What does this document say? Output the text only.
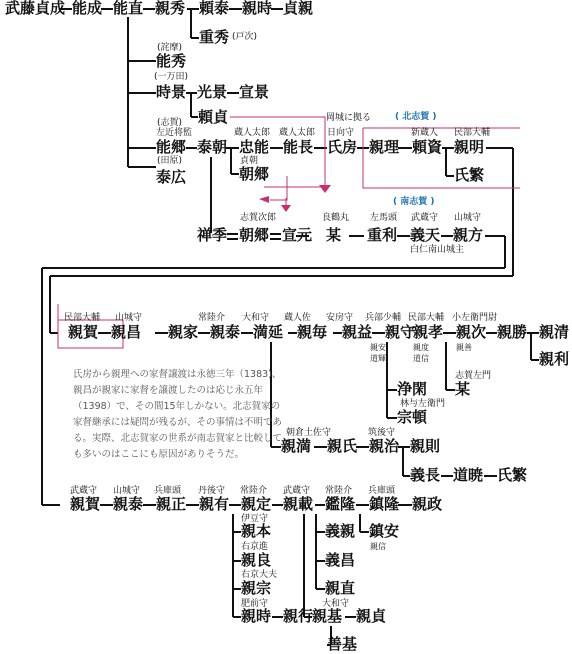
武藤貞成 能成 能直 親秀 頼泰 親時 貞親
重秀 (戸次)
(詫摩)
能秀
(一万田)
時景 光景 宣景
頼貞
(志賀)
左近将監
能郷
(田原)
泰広
泰朝
蔵人太郎 蔵人太郎 日向守
岡城に拠る	( 北志賀 )
新蔵人 民部大輔
忠能 能長 氏房 親理 頼資 親明
氏繁
貞朝
朝郷
( 南志賀 )
志賀次郎	良鶴丸 左馬頭 武蔵守 山城守
禅季 朝郷 宣元 某 重利 義天 親方
白仁南山城主
民部大輔 山城守	常陸介 大和守 蔵人佐 安房守 兵部少輔 民部大輔 小左衛門尉
親賀 親昌 親家 親泰 満延 親毎 親益 親守
親孝 親次 親勝 親清
親利
親安
道輝
親度
道信
親善
志賀左門
某
浄閑
林与左衛門
宗頓
氏房から親理への家督譲渡は永徳三年（1383)、親昌が親家に家督を譲渡したのは応じ永五年（1398）で、その間15年しかない。北志賀家の家督継承には疑問が残るが、その事情は不明である。実際、北志賀家の世系が南志賀家と比較しても多いのはここにも原因がありそうだ。
朝倉土佐守	筑後守
親満 親氏 親治 親則
義長 道暁 氏繁
武蔵守 山城守 兵庫頭 丹後守 常陸介 武蔵守 常陸介 兵庫頭
親賀 親泰 親正 親有 親定 親載 鑑隆 鎮隆 親政
伊豆守
親本
右京進
親良
右京大夫
親宗
肥前守
親時 親行
義親
義昌
親直
鎮安
親信
大和守
親基 親貞
善基
